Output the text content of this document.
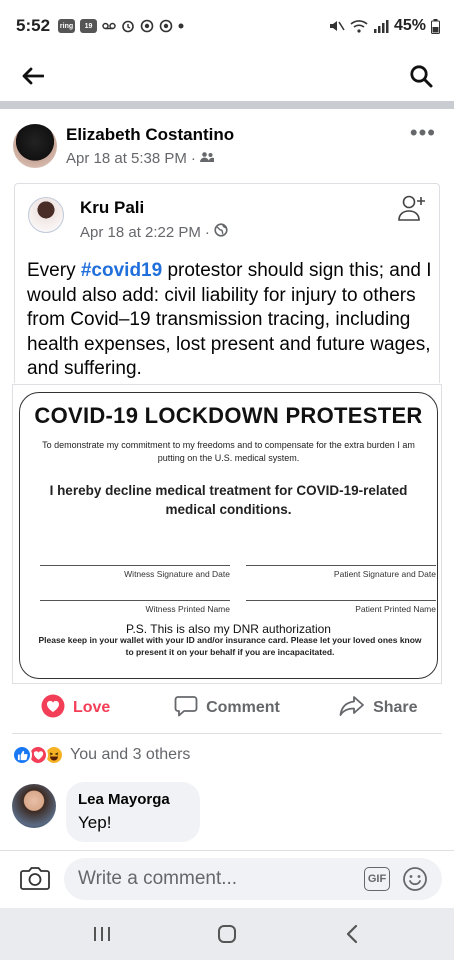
5:52 ring	19	45%
Elizabeth Costantino
Apr 18 at 5:38 PM ·
•••
Kru Pali
Apr 18 at 2:22 PM ·
Every #covid19 protestor should sign this; and I would also add: civil liability for injury to others from Covid–19 transmission tracing, including health expenses, lost present and future wages, and suffering.
COVID-19 LOCKDOWN PROTESTER
To demonstrate my commitment to my freedoms and to compensate for the extra burden I am putting on the U.S. medical system.
I hereby decline medical treatment for COVID-19-related medical conditions.
Witness Signature and Date	Patient Signature and Date
Witness Printed Name	Patient Printed Name
P.S. This is also my DNR authorization
Please keep in your wallet with your ID and/or insurance card. Please let your loved ones know to present it on your behalf if you are incapacitated.
Love	Comment	Share
You and 3 others
Lea Mayorga
Yep!
Write a comment...
GIF
